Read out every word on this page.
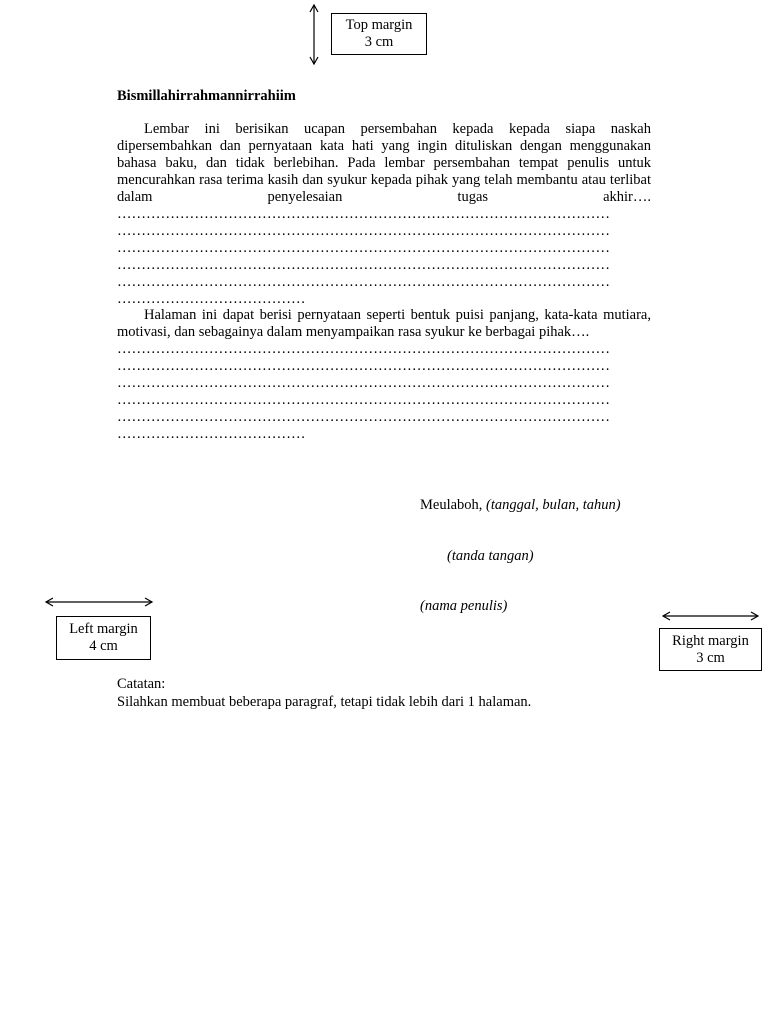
Top margin
3 cm
Left margin
4 cm	Right margin
3 cm
Bismillahirrahmannirrahiim
Lembar ini berisikan ucapan persembahan kepada kepada siapa naskah dipersembahkan dan pernyataan kata hati yang ingin dituliskan dengan menggunakan bahasa baku, dan tidak berlebihan. Pada lembar persembahan tempat penulis untuk mencurahkan rasa terima kasih dan syukur kepada pihak yang telah membantu atau terlibat dalam penyelesaian tugas akhir….
…………………………………………………………………………………………
…………………………………………………………………………………………
…………………………………………………………………………………………
…………………………………………………………………………………………
…………………………………………………………………………………………
…………………………………
Halaman ini dapat berisi pernyataan seperti bentuk puisi panjang, kata-kata mutiara, motivasi, dan sebagainya dalam menyampaikan rasa syukur ke berbagai pihak….
…………………………………………………………………………………………
…………………………………………………………………………………………
…………………………………………………………………………………………
…………………………………………………………………………………………
…………………………………………………………………………………………
…………………………………
Meulaboh, (tanggal, bulan, tahun)
(tanda tangan)
(nama penulis)
Catatan:
Silahkan membuat beberapa paragraf, tetapi tidak lebih dari 1 halaman.
